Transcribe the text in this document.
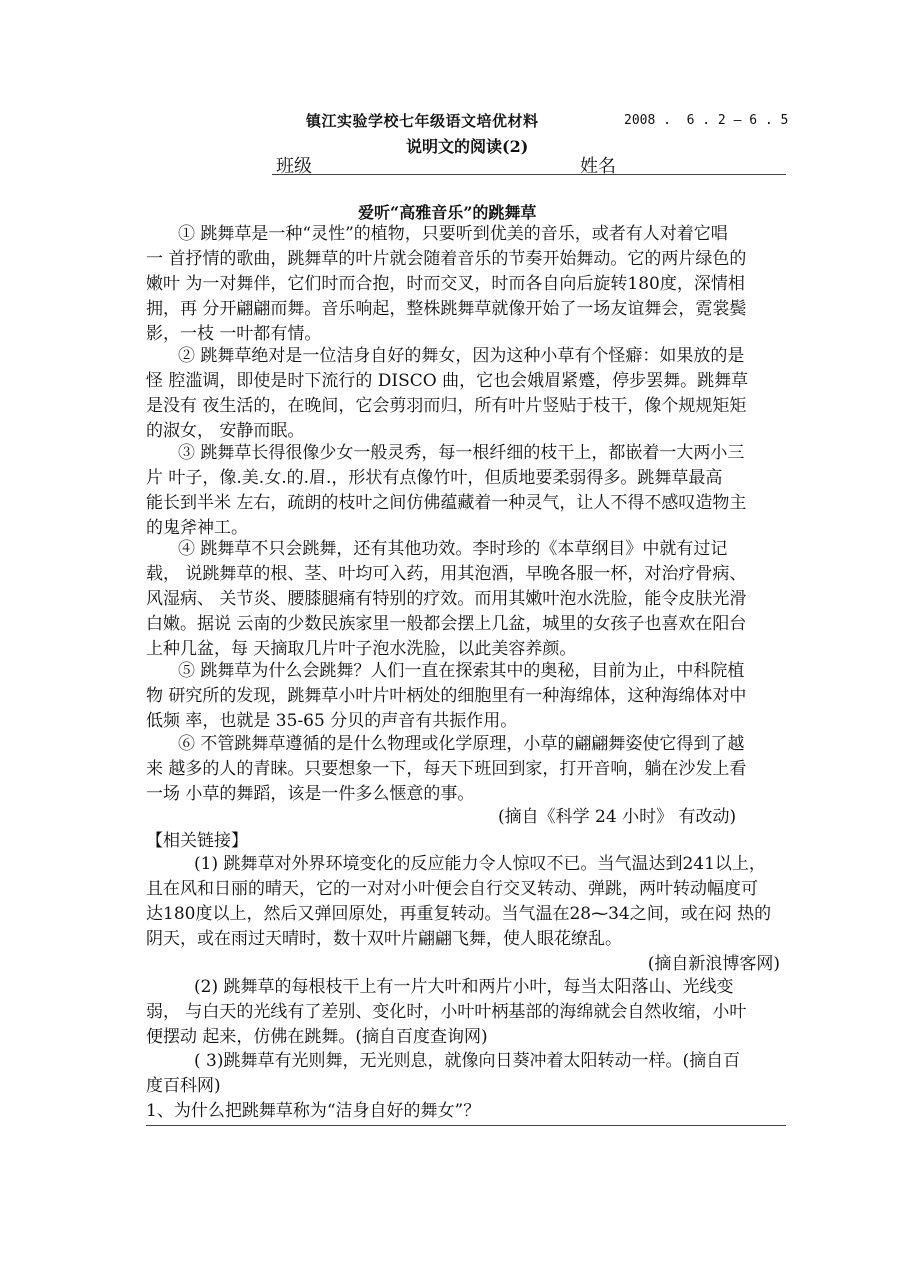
镇江实验学校七年级语文培优材料	2008 .  6 . 2 — 6 . 5
说明文的阅读(2)
班级	姓名
爱听“高雅音乐”的跳舞草
① 跳舞草是一种“灵性”的植物，只要听到优美的音乐，或者有人对着它唱
一 首抒情的歌曲，跳舞草的叶片就会随着音乐的节奏开始舞动。它的两片绿色的
嫩叶 为一对舞伴，它们时而合抱，时而交叉，时而各自向后旋转180度，深情相
拥，再 分开翩翩而舞。音乐响起，整株跳舞草就像开始了一场友谊舞会，霓裳鬓
影，一枝 一叶都有情。
② 跳舞草绝对是一位洁身自好的舞女，因为这种小草有个怪癖：如果放的是
怪 腔滥调，即使是时下流行的 DISCO 曲，它也会娥眉紧蹙，停步罢舞。跳舞草
是没有 夜生活的，在晚间，它会剪羽而归，所有叶片竖贴于枝干，像个规规矩矩
的淑女， 安静而眠。
③ 跳舞草长得很像少女一般灵秀，每一根纤细的枝干上，都嵌着一大两小三
片 叶子，像.美.女.的.眉.，形状有点像竹叶，但质地要柔弱得多。跳舞草最高
能长到半米 左右，疏朗的枝叶之间仿佛蕴藏着一种灵气，让人不得不感叹造物主
的鬼斧神工。
④ 跳舞草不只会跳舞，还有其他功效。李时珍的《本草纲目》中就有过记
载， 说跳舞草的根、茎、叶均可入药，用其泡酒，早晚各服一杯，对治疗骨病、
风湿病、 关节炎、腰膝腿痛有特别的疗效。而用其嫩叶泡水洗脸，能令皮肤光滑
白嫩。据说 云南的少数民族家里一般都会摆上几盆，城里的女孩子也喜欢在阳台
上种几盆，每 天摘取几片叶子泡水洗脸，以此美容养颜。
⑤ 跳舞草为什么会跳舞？人们一直在探索其中的奥秘，目前为止，中科院植
物 研究所的发现，跳舞草小叶片叶柄处的细胞里有一种海绵体，这种海绵体对中
低频 率，也就是 35-65 分贝的声音有共振作用。
⑥ 不管跳舞草遵循的是什么物理或化学原理，小草的翩翩舞姿使它得到了越
来 越多的人的青睐。只要想象一下，每天下班回到家，打开音响，躺在沙发上看
一场 小草的舞蹈，该是一件多么惬意的事。
(摘自《科学 24 小时》 有改动)
【相关链接】
(1) 跳舞草对外界环境变化的反应能力令人惊叹不已。当气温达到241以上，
且在风和日丽的晴天，它的一对对小叶便会自行交叉转动、弹跳，两叶转动幅度可
达180度以上，然后又弹回原处，再重复转动。当气温在28⁓34之间，或在闷 热的
阴天，或在雨过天晴时，数十双叶片翩翩飞舞，使人眼花缭乱。
(摘自新浪博客网)
(2) 跳舞草的每根枝干上有一片大叶和两片小叶，每当太阳落山、光线变
弱， 与白天的光线有了差别、变化时，小叶叶柄基部的海绵就会自然收缩，小叶
便摆动 起来，仿佛在跳舞。(摘自百度查询网)
( 3)跳舞草有光则舞，无光则息，就像向日葵冲着太阳转动一样。(摘自百
度百科网)
1、为什么把跳舞草称为“洁身自好的舞女”？
